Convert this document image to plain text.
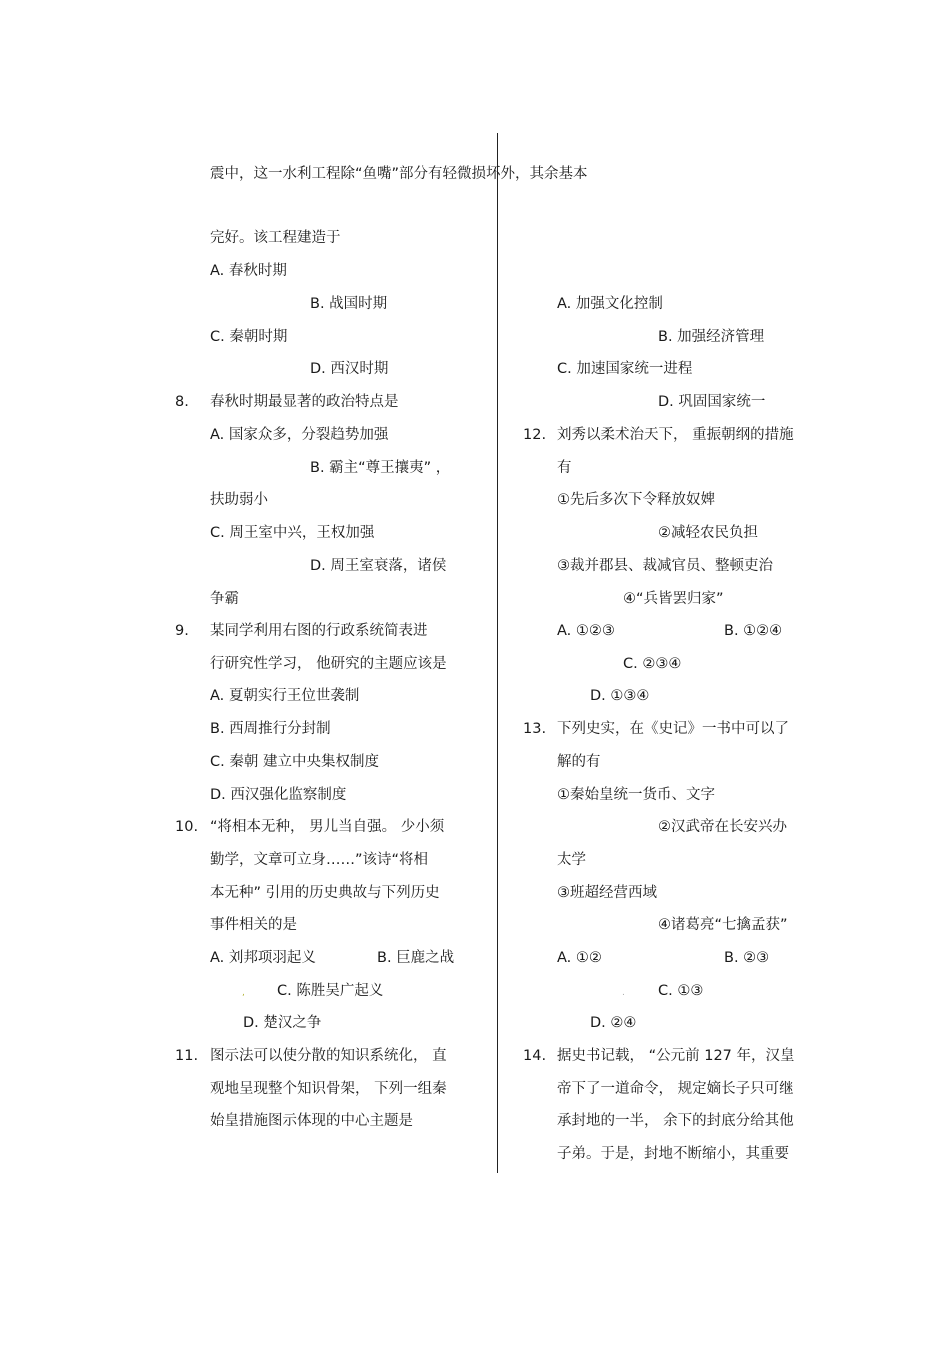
震中，这一水利工程除“鱼嘴”部分有轻微损坏外，其余基本
完好。该工程建造于
A. 春秋时期
B. 战国时期
C. 秦朝时期
D. 西汉时期
8. 春秋时期最显著的政治特点是
A. 国家众多，分裂趋势加强
B. 霸主“尊王攘夷” ，
扶助弱小
C. 周王室中兴，王权加强
D. 周王室衰落，诸侯
争霸
9. 某同学利用右图的行政系统简表进
行研究性学习， 他研究的主题应该是
A. 夏朝实行王位世袭制
B. 西周推行分封制
C. 秦朝 建立中央集权制度
D. 西汉强化监察制度
10. “将相本无种， 男儿当自强。 少小须
勤学，文章可立身……”该诗“将相
本无种” 引用的历史典故与下列历史
事件相关的是
A. 刘邦项羽起义	B. 巨鹿之战
, C. 陈胜吴广起义
D. 楚汉之争
11. 图示法可以使分散的知识系统化， 直
观地呈现整个知识骨架， 下列一组秦
始皇措施图示体现的中心主题是
A. 加强文化控制
B. 加强经济管理
C. 加速国家统一进程
D. 巩固国家统一
12. 刘秀以柔术治天下， 重振朝纲的措施
有
①先后多次下令释放奴婢
②减轻农民负担
③裁并郡县、裁减官员、整顿吏治
④“兵皆罢归家”
A. ①②③	B. ①②④
C. ②③④
D. ①③④
13. 下列史实，在《史记》一书中可以了
解的有
①秦始皇统一货币、文字
②汉武帝在长安兴办
太学
③班超经营西域
④诸葛亮“七擒孟获”
A. ①②	B. ②③
. C. ①③
D. ②④
14. 据史书记载， “公元前 127 年，汉皇
帝下了一道命令， 规定嫡长子只可继
承封地的一半， 余下的封底分给其他
子弟。于是，封地不断缩小，其重要
